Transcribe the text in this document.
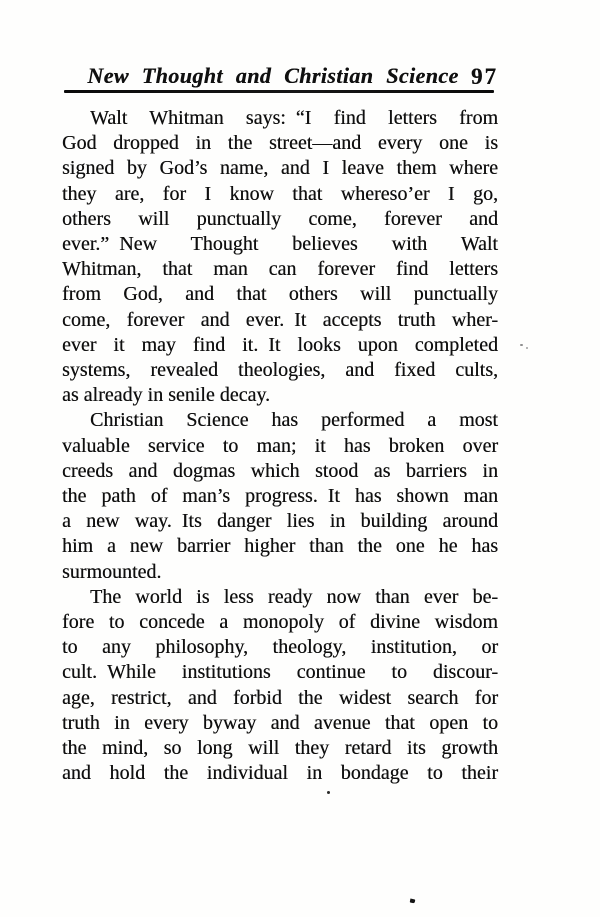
New Thought and Christian Science 97
Walt Whitman says: “I find letters from
God dropped in the street—and every one is
signed by God’s name, and I leave them where
they are, for I know that whereso’er I go,
others will punctually come, forever and
ever.” New Thought believes with Walt
Whitman, that man can forever find letters
from God, and that others will punctually
come, forever and ever. It accepts truth wher-
ever it may find it. It looks upon completed
systems, revealed theologies, and fixed cults,
as already in senile decay.
Christian Science has performed a most
valuable service to man; it has broken over
creeds and dogmas which stood as barriers in
the path of man’s progress. It has shown man
a new way. Its danger lies in building around
him a new barrier higher than the one he has
surmounted.
The world is less ready now than ever be-
fore to concede a monopoly of divine wisdom
to any philosophy, theology, institution, or
cult. While institutions continue to discour-
age, restrict, and forbid the widest search for
truth in every byway and avenue that open to
the mind, so long will they retard its growth
and hold the individual in bondage to their
